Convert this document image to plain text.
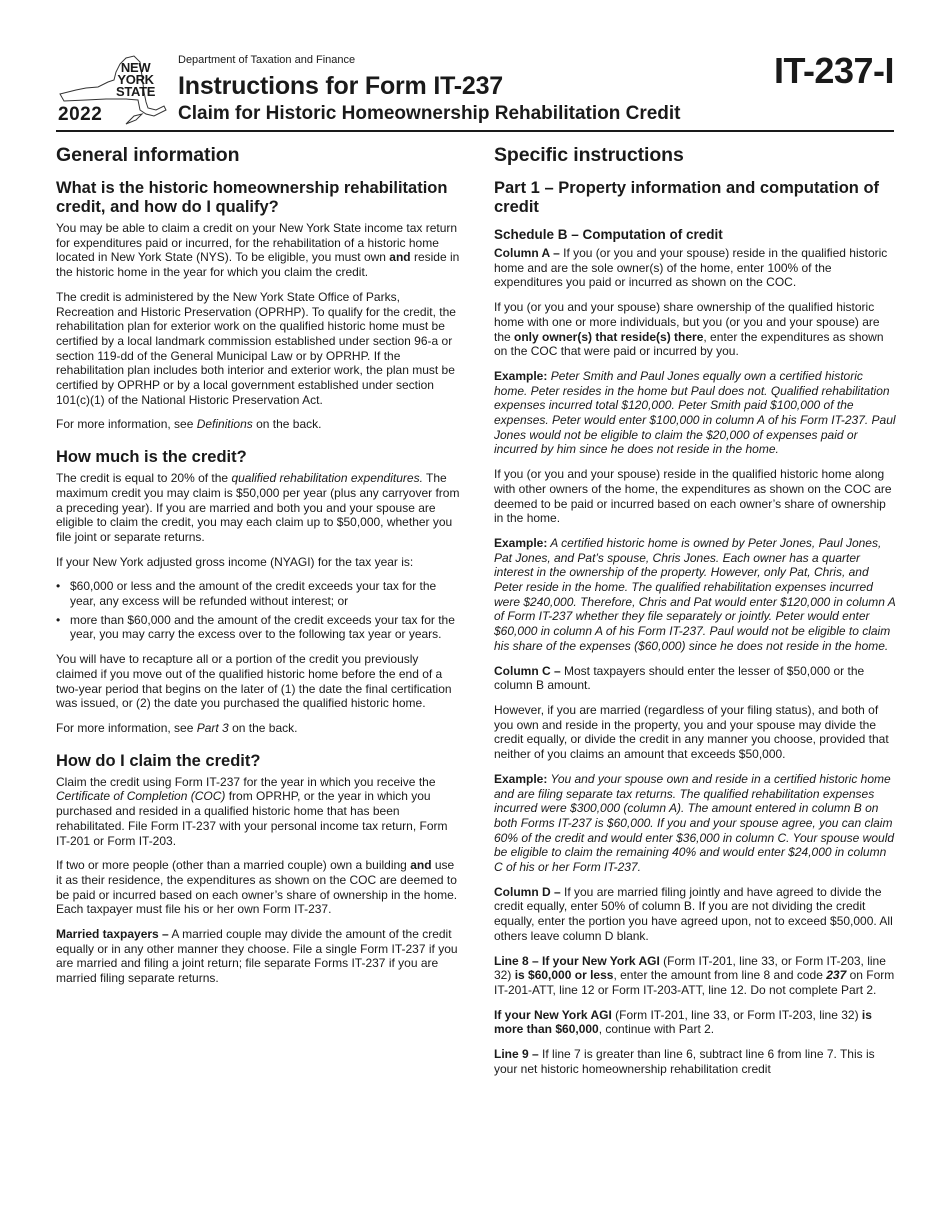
NEW
YORK
STATE
2022
Department of Taxation and Finance
Instructions for Form IT-237
Claim for Historic Homeownership Rehabilitation Credit
IT-237-I
General information
What is the historic homeownership rehabilitation credit, and how do I qualify?

You may be able to claim a credit on your New York State income tax return for expenditures paid or incurred, for the rehabilitation of a historic home located in New York State (NYS). To be eligible, you must own and reside in the historic home in the year for which you claim the credit.

The credit is administered by the New York State Office of Parks, Recreation and Historic Preservation (OPRHP). To qualify for the credit, the rehabilitation plan for exterior work on the qualified historic home must be certified by a local landmark commission established under section 96-a or section 119-dd of the General Municipal Law or by OPRHP. If the rehabilitation plan includes both interior and exterior work, the plan must be certified by OPRHP or by a local government established under section 101(c)(1) of the National Historic Preservation Act.

For more information, see Definitions on the back.

How much is the credit?

The credit is equal to 20% of the qualified rehabilitation expenditures. The maximum credit you may claim is $50,000 per year (plus any carryover from a preceding year). If you are married and both you and your spouse are eligible to claim the credit, you may each claim up to $50,000, whether you file joint or separate returns.

If your New York adjusted gross income (NYAGI) for the tax year is:

• $60,000 or less and the amount of the credit exceeds your tax for the year, any excess will be refunded without interest; or
• more than $60,000 and the amount of the credit exceeds your tax for the year, you may carry the excess over to the following tax year or years.

You will have to recapture all or a portion of the credit you previously claimed if you move out of the qualified historic home before the end of a two-year period that begins on the later of (1) the date the final certification was issued, or (2) the date you purchased the qualified historic home.

For more information, see Part 3 on the back.

How do I claim the credit?

Claim the credit using Form IT-237 for the year in which you receive the Certificate of Completion (COC) from OPRHP, or the year in which you purchased and resided in a qualified historic home that has been rehabilitated. File Form IT-237 with your personal income tax return, Form IT-201 or Form IT-203.

If two or more people (other than a married couple) own a building and use it as their residence, the expenditures as shown on the COC are deemed to be paid or incurred based on each owner’s share of ownership in the home. Each taxpayer must file his or her own Form IT-237.

Married taxpayers – A married couple may divide the amount of the credit equally or in any other manner they choose. File a single Form IT-237 if you are married and filing a joint return; file separate Forms IT-237 if you are married filing separate returns.

Specific instructions
Part 1 – Property information and computation of credit
Schedule B – Computation of credit

Column A – If you (or you and your spouse) reside in the qualified historic home and are the sole owner(s) of the home, enter 100% of the expenditures you paid or incurred as shown on the COC.

If you (or you and your spouse) share ownership of the qualified historic home with one or more individuals, but you (or you and your spouse) are the only owner(s) that reside(s) there, enter the expenditures as shown on the COC that were paid or incurred by you.

Example: Peter Smith and Paul Jones equally own a certified historic home. Peter resides in the home but Paul does not. Qualified rehabilitation expenses incurred total $120,000. Peter Smith paid $100,000 of the expenses. Peter would enter $100,000 in column A of his Form IT-237. Paul Jones would not be eligible to claim the $20,000 of expenses paid or incurred by him since he does not reside in the home.

If you (or you and your spouse) reside in the qualified historic home along with other owners of the home, the expenditures as shown on the COC are deemed to be paid or incurred based on each owner’s share of ownership in the home.

Example: A certified historic home is owned by Peter Jones, Paul Jones, Pat Jones, and Pat’s spouse, Chris Jones. Each owner has a quarter interest in the ownership of the property. However, only Pat, Chris, and Peter reside in the home. The qualified rehabilitation expenses incurred were $240,000. Therefore, Chris and Pat would enter $120,000 in column A of Form IT-237 whether they file separately or jointly. Peter would enter $60,000 in column A of his Form IT-237. Paul would not be eligible to claim his share of the expenses ($60,000) since he does not reside in the home.

Column C – Most taxpayers should enter the lesser of $50,000 or the column B amount.

However, if you are married (regardless of your filing status), and both of you own and reside in the property, you and your spouse may divide the credit equally, or divide the credit in any manner you choose, provided that neither of you claims an amount that exceeds $50,000.

Example: You and your spouse own and reside in a certified historic home and are filing separate tax returns. The qualified rehabilitation expenses incurred were $300,000 (column A). The amount entered in column B on both Forms IT-237 is $60,000. If you and your spouse agree, you can claim 60% of the credit and would enter $36,000 in column C. Your spouse would be eligible to claim the remaining 40% and would enter $24,000 in column C of his or her Form IT-237.

Column D – If you are married filing jointly and have agreed to divide the credit equally, enter 50% of column B. If you are not dividing the credit equally, enter the portion you have agreed upon, not to exceed $50,000. All others leave column D blank.

Line 8 – If your New York AGI (Form IT-201, line 33, or Form IT-203, line 32) is $60,000 or less, enter the amount from line 8 and code 237 on Form IT-201-ATT, line 12 or Form IT-203-ATT, line 12. Do not complete Part 2.

If your New York AGI (Form IT-201, line 33, or Form IT-203, line 32) is more than $60,000, continue with Part 2.

Line 9 – If line 7 is greater than line 6, subtract line 6 from line 7. This is your net historic homeownership rehabilitation credit
